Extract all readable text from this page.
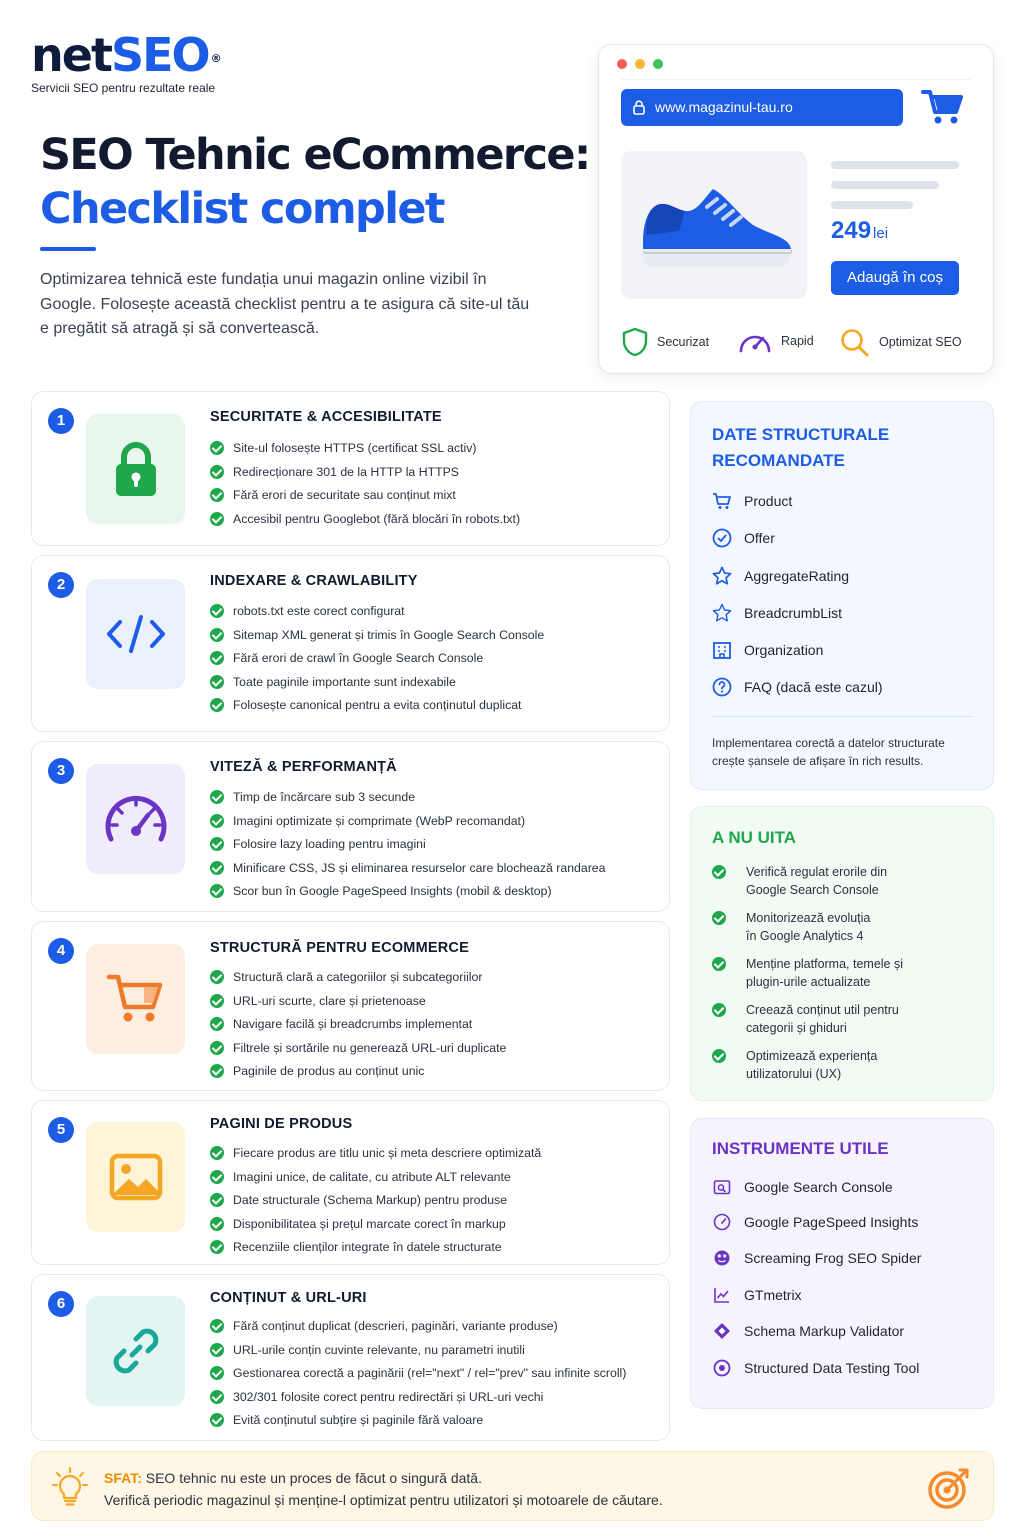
netSEO ®
Servicii SEO pentru rezultate reale
SEO Tehnic eCommerce:
Checklist complet

Optimizarea tehnică este fundația unui magazin online vizibil în Google. Folosește această checklist pentru a te asigura că site-ul tău e pregătit să atragă și să convertească.

www.magazinul-tau.ro
249 lei
Adaugă în coș
Securizat	Rapid	Optimizat SEO
1	SECURITATE & ACCESIBILITATE
Site-ul folosește HTTPS (certificat SSL activ)
Redirecționare 301 de la HTTP la HTTPS
Fără erori de securitate sau conținut mixt
Accesibil pentru Googlebot (fără blocări în robots.txt)
2	INDEXARE & CRAWLABILITY
robots.txt este corect configurat
Sitemap XML generat și trimis în Google Search Console
Fără erori de crawl în Google Search Console
Toate paginile importante sunt indexabile
Folosește canonical pentru a evita conținutul duplicat
3	VITEZĂ & PERFORMANȚĂ
Timp de încărcare sub 3 secunde
Imagini optimizate și comprimate (WebP recomandat)
Folosire lazy loading pentru imagini
Minificare CSS, JS și eliminarea resurselor care blochează randarea
Scor bun în Google PageSpeed Insights (mobil & desktop)
4	STRUCTURĂ PENTRU ECOMMERCE
Structură clară a categoriilor și subcategoriilor
URL-uri scurte, clare și prietenoase
Navigare facilă și breadcrumbs implementat
Filtrele și sortările nu generează URL-uri duplicate
Paginile de produs au conținut unic
5	PAGINI DE PRODUS
Fiecare produs are titlu unic și meta descriere optimizată
Imagini unice, de calitate, cu atribute ALT relevante
Date structurale (Schema Markup) pentru produse
Disponibilitatea și prețul marcate corect în markup
Recenziile clienților integrate în datele structurate
6	CONȚINUT & URL-URI
Fără conținut duplicat (descrieri, paginări, variante produse)
URL-urile conțin cuvinte relevante, nu parametri inutili
Gestionarea corectă a paginării (rel="next" / rel="prev" sau infinite scroll)
302/301 folosite corect pentru redirectări și URL-uri vechi
Evită conținutul subțire și paginile fără valoare
DATE STRUCTURALE
RECOMANDATE
Product
Offer
AggregateRating
BreadcrumbList
Organization
FAQ (dacă este cazul)
Implementarea corectă a datelor structurate
crește șansele de afișare în rich results.
A NU UITA
Verifică regulat erorile din
Google Search Console
Monitorizează evoluția
în Google Analytics 4
Menține platforma, temele și
plugin-urile actualizate
Creează conținut util pentru
categorii și ghiduri
Optimizează experiența
utilizatorului (UX)
INSTRUMENTE UTILE
Google Search Console
Google PageSpeed Insights
Screaming Frog SEO Spider
GTmetrix
Schema Markup Validator
Structured Data Testing Tool
SFAT: SEO tehnic nu este un proces de făcut o singură dată.
Verifică periodic magazinul și menține-l optimizat pentru utilizatori și motoarele de căutare.
